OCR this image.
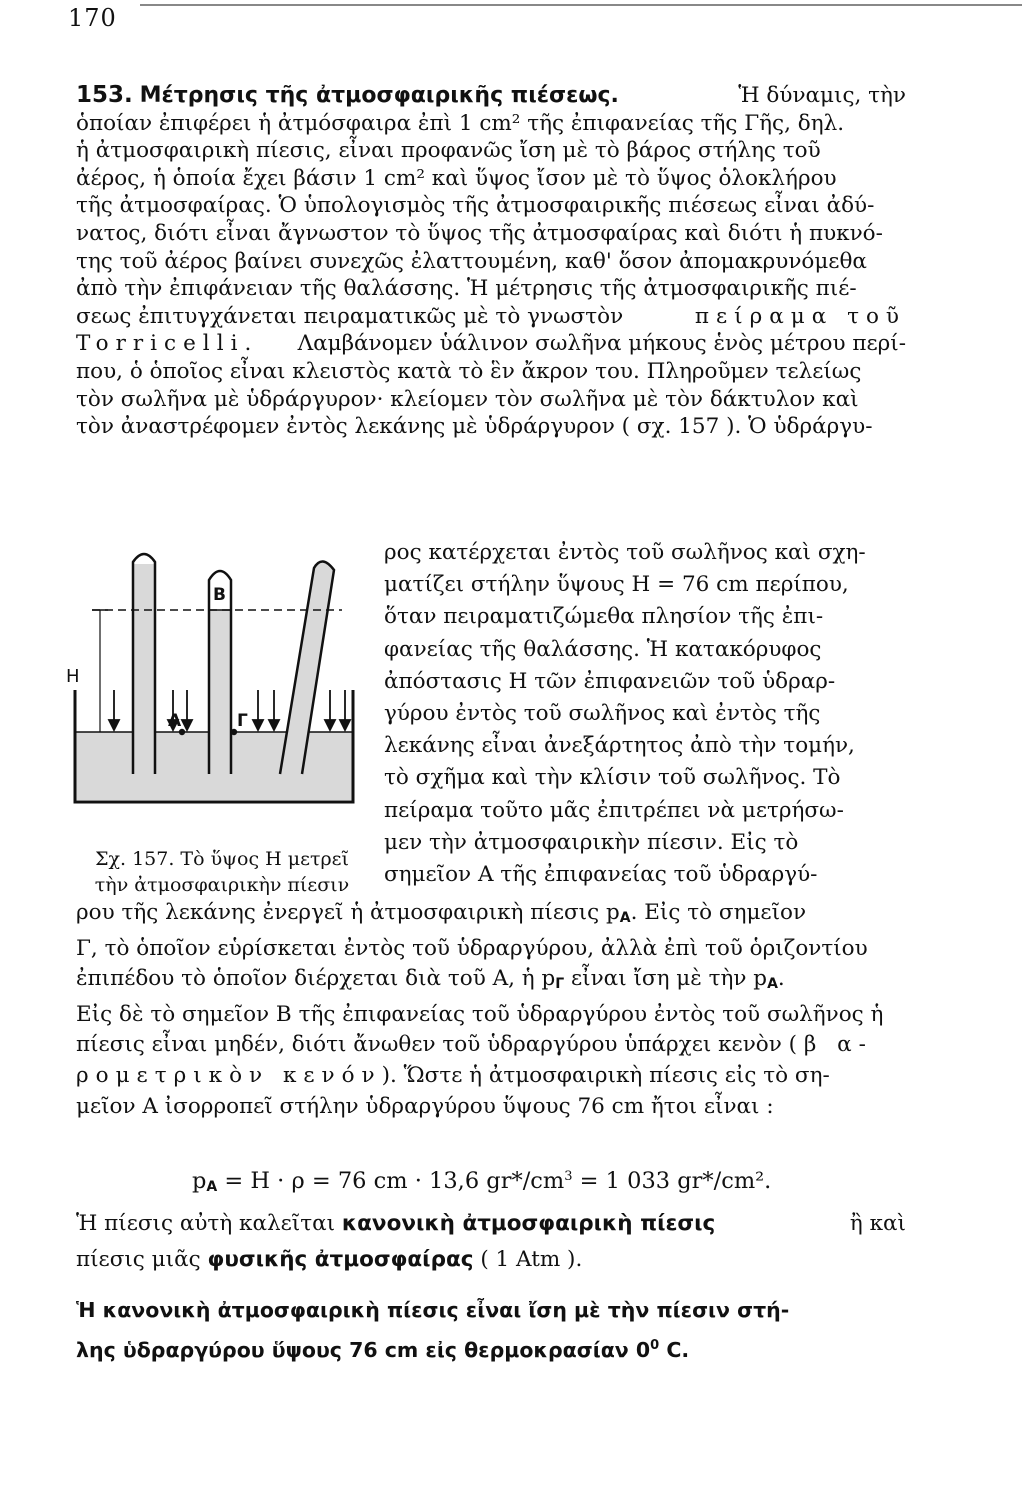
170
153. Μέτρησις τῆς ἀτμοσφαιρικῆς πιέσεως.	Ἡ δύναμις, τὴν
ὁποίαν ἐπιφέρει ἡ ἀτμόσφαιρα ἐπὶ 1 cm² τῆς ἐπιφανείας τῆς Γῆς, δηλ.
ἡ ἀτμοσφαιρικὴ πίεσις, εἶναι προφανῶς ἴση μὲ τὸ βάρος στήλης τοῦ
ἀέρος, ἡ ὁποία ἔχει βάσιν 1 cm² καὶ ὕψος ἴσον μὲ τὸ ὕψος ὁλοκλήρου
τῆς ἀτμοσφαίρας. Ὁ ὑπολογισμὸς τῆς ἀτμοσφαιρικῆς πιέσεως εἶναι ἀδύ-
νατος, διότι εἶναι ἄγνωστον τὸ ὕψος τῆς ἀτμοσφαίρας καὶ διότι ἡ πυκνό-
της τοῦ ἀέρος βαίνει συνεχῶς ἐλαττουμένη, καθ' ὅσον ἀπομακρυνόμεθα
ἀπὸ τὴν ἐπιφάνειαν τῆς θαλάσσης. Ἡ μέτρησις τῆς ἀτμοσφαιρικῆς πιέ-
σεως ἐπιτυγχάνεται πειραματικῶς μὲ τὸ γνωστὸν	πείραμα τοῦ
Torricelli. Λαμβάνομεν ὑάλινον σωλῆνα μήκους ἑνὸς μέτρου περί-
που, ὁ ὁποῖος εἶναι κλειστὸς κατὰ τὸ ἓν ἄκρον του. Πληροῦμεν τελείως
τὸν σωλῆνα μὲ ὑδράργυρον· κλείομεν τὸν σωλῆνα μὲ τὸν δάκτυλον καὶ
τὸν ἀναστρέφομεν ἐντὸς λεκάνης μὲ ὑδράργυρον ( σχ. 157 ). Ὁ ὑδράργυ-
Η
Β
Α	Γ
Σχ. 157. Τὸ ὕψος Η μετρεῖ
τὴν ἀτμοσφαιρικὴν πίεσιν
ρος κατέρχεται ἐντὸς τοῦ σωλῆνος καὶ σχη-
ματίζει στήλην ὕψους Η = 76 cm περίπου,
ὅταν πειραματιζώμεθα πλησίον τῆς ἐπι-
φανείας τῆς θαλάσσης. Ἡ κατακόρυφος
ἀπόστασις Η τῶν ἐπιφανειῶν τοῦ ὑδραρ-
γύρου ἐντὸς τοῦ σωλῆνος καὶ ἐντὸς τῆς
λεκάνης εἶναι ἀνεξάρτητος ἀπὸ τὴν τομήν,
τὸ σχῆμα καὶ τὴν κλίσιν τοῦ σωλῆνος. Τὸ
πείραμα τοῦτο μᾶς ἐπιτρέπει νὰ μετρήσω-
μεν τὴν ἀτμοσφαιρικὴν πίεσιν. Εἰς τὸ
σημεῖον Α τῆς ἐπιφανείας τοῦ ὑδραργύ-
ρου τῆς λεκάνης ἐνεργεῖ ἡ ἀτμοσφαιρικὴ πίεσις $p_A$. Εἰς τὸ σημεῖον
Γ, τὸ ὁποῖον εὑρίσκεται ἐντὸς τοῦ ὑδραργύρου, ἀλλὰ ἐπὶ τοῦ ὁριζοντίου
ἐπιπέδου τὸ ὁποῖον διέρχεται διὰ τοῦ Α, ἡ $p_\Gamma$ εἶναι ἴση μὲ τὴν $p_A$.
Εἰς δὲ τὸ σημεῖον Β τῆς ἐπιφανείας τοῦ ὑδραργύρου ἐντὸς τοῦ σωλῆνος ἡ
πίεσις εἶναι μηδέν, διότι ἄνωθεν τοῦ ὑδραργύρου ὑπάρχει κενὸν ( β α-
ρομετρικὸν κενόν). Ὥστε ἡ ἀτμοσφαιρικὴ πίεσις εἰς τὸ ση-
μεῖον Α ἰσορροπεῖ στήλην ὑδραργύρου ὕψους 76 cm ἤτοι εἶναι :
$p_A = H \cdot \rho = 76$ cm · 13,6 $gr*/cm^3 = 1$ 033 gr*/cm².
Ἡ πίεσις αὐτὴ καλεῖται κανονικὴ ἀτμοσφαιρικὴ πίεσις	ἢ καὶ
πίεσις μιᾶς φυσικῆς ἀτμοσφαίρας ( 1 Atm ).
Ἡ κανονικὴ ἀτμοσφαιρικὴ πίεσις εἶναι ἴση μὲ τὴν πίεσιν στή-
λης ὑδραργύρου ὕψους 76 cm εἰς θερμοκρασίαν $0^0$ C.
